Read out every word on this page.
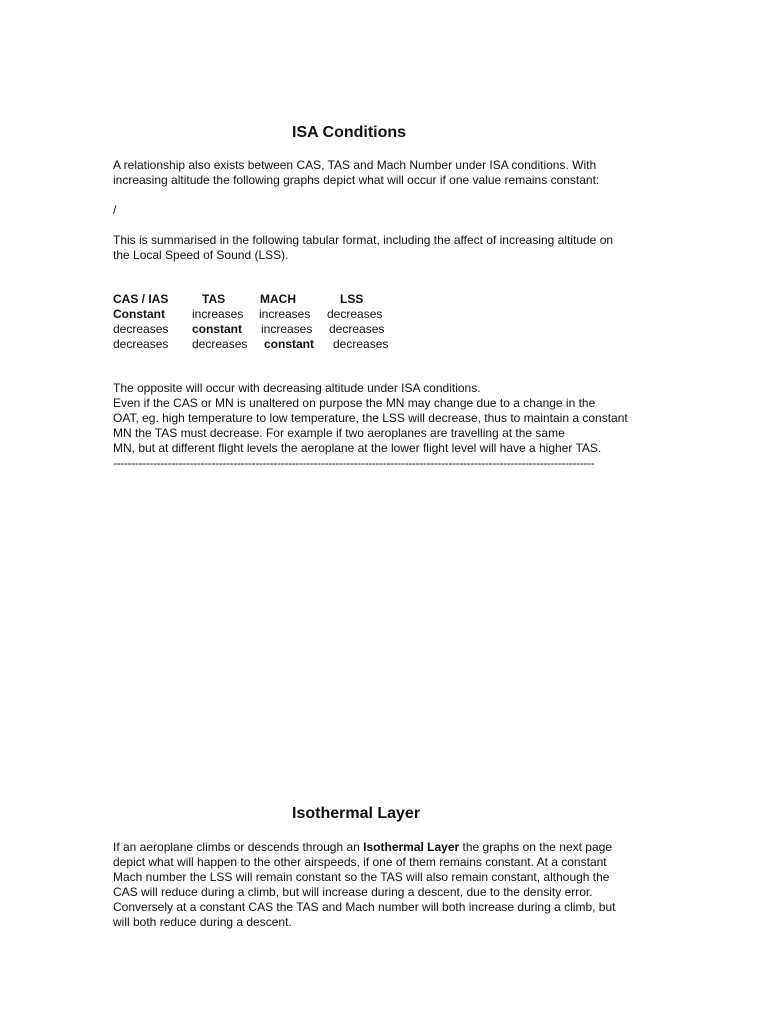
ISA Conditions

A relationship also exists between CAS, TAS and Mach Number under ISA conditions. With
increasing altitude the following graphs depict what will occur if one value remains constant:

/

This is summarised in the following tabular format, including the affect of increasing altitude on
the Local Speed of Sound (LSS).

CAS / IAS	TAS	MACH	LSS
Constant increases increases decreases
decreases constant increases decreases
decreases decreases constant decreases

The opposite will occur with decreasing altitude under ISA conditions.
Even if the CAS or MN is unaltered on purpose the MN may change due to a change in the
OAT, eg. high temperature to low temperature, the LSS will decrease, thus to maintain a constant
MN the TAS must decrease. For example if two aeroplanes are travelling at the same
MN, but at different flight levels the aeroplane at the lower flight level will have a higher TAS.

------------------------------------------------------------------------------------------------------------------------------------
Isothermal Layer

If an aeroplane climbs or descends through an Isothermal Layer the graphs on the next page
depict what will happen to the other airspeeds, if one of them remains constant. At a constant
Mach number the LSS will remain constant so the TAS will also remain constant, although the
CAS will reduce during a climb, but will increase during a descent, due to the density error.
Conversely at a constant CAS the TAS and Mach number will both increase during a climb, but
will both reduce during a descent.
